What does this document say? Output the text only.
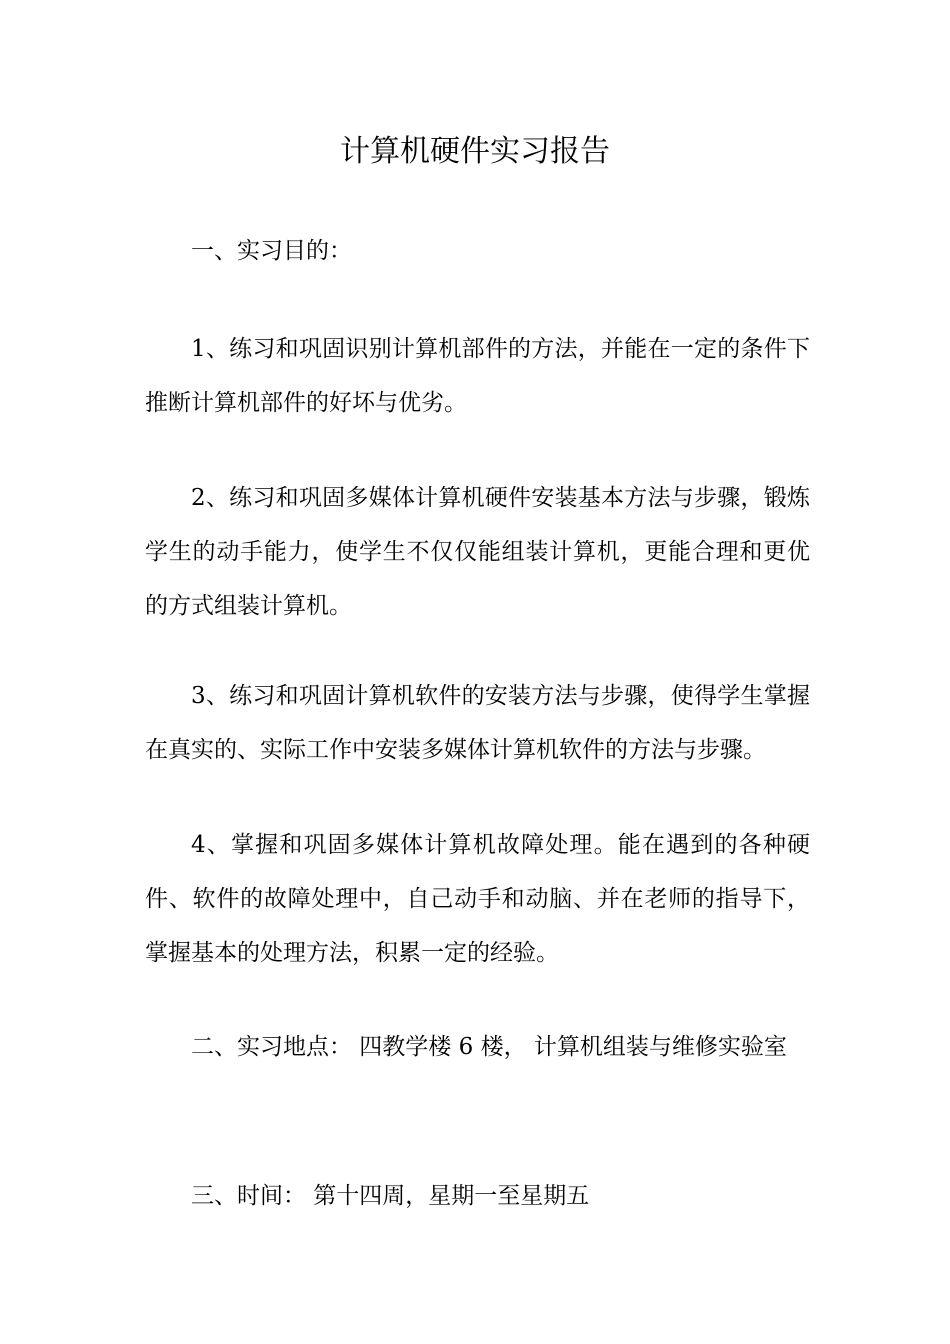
计算机硬件实习报告
一、实习目的：
1、练习和巩固识别计算机部件的方法，并能在一定的条件下推断计算机部件的好坏与优劣。
2、练习和巩固多媒体计算机硬件安装基本方法与步骤，锻炼学生的动手能力，使学生不仅仅能组装计算机，更能合理和更优的方式组装计算机。
3、练习和巩固计算机软件的安装方法与步骤，使得学生掌握在真实的、实际工作中安装多媒体计算机软件的方法与步骤。
4、掌握和巩固多媒体计算机故障处理。能在遇到的各种硬件、软件的故障处理中，自己动手和动脑、并在老师的指导下，掌握基本的处理方法，积累一定的经验。
二、实习地点： 四教学楼 6 楼， 计算机组装与维修实验室
三、时间： 第十四周，星期一至星期五
